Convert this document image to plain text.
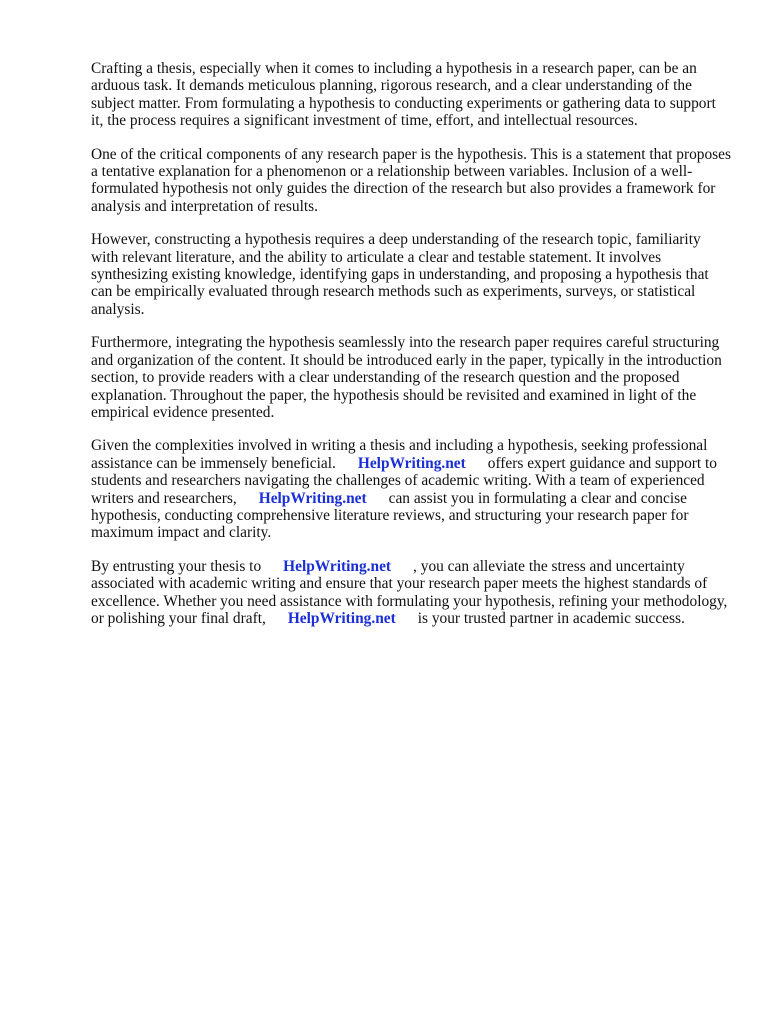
Crafting a thesis, especially when it comes to including a hypothesis in a research paper, can be an arduous task. It demands meticulous planning, rigorous research, and a clear understanding of the subject matter. From formulating a hypothesis to conducting experiments or gathering data to support it, the process requires a significant investment of time, effort, and intellectual resources.

One of the critical components of any research paper is the hypothesis. This is a statement that proposes a tentative explanation for a phenomenon or a relationship between variables. Inclusion of a well-formulated hypothesis not only guides the direction of the research but also provides a framework for analysis and interpretation of results.

However, constructing a hypothesis requires a deep understanding of the research topic, familiarity with relevant literature, and the ability to articulate a clear and testable statement. It involves synthesizing existing knowledge, identifying gaps in understanding, and proposing a hypothesis that can be empirically evaluated through research methods such as experiments, surveys, or statistical analysis.

Furthermore, integrating the hypothesis seamlessly into the research paper requires careful structuring and organization of the content. It should be introduced early in the paper, typically in the introduction section, to provide readers with a clear understanding of the research question and the proposed explanation. Throughout the paper, the hypothesis should be revisited and examined in light of the empirical evidence presented.

Given the complexities involved in writing a thesis and including a hypothesis, seeking professional assistance can be immensely beneficial. HelpWriting.net offers expert guidance and support to students and researchers navigating the challenges of academic writing. With a team of experienced writers and researchers, HelpWriting.net can assist you in formulating a clear and concise hypothesis, conducting comprehensive literature reviews, and structuring your research paper for maximum impact and clarity.

By entrusting your thesis to HelpWriting.net , you can alleviate the stress and uncertainty associated with academic writing and ensure that your research paper meets the highest standards of excellence. Whether you need assistance with formulating your hypothesis, refining your methodology, or polishing your final draft, HelpWriting.net is your trusted partner in academic success.
